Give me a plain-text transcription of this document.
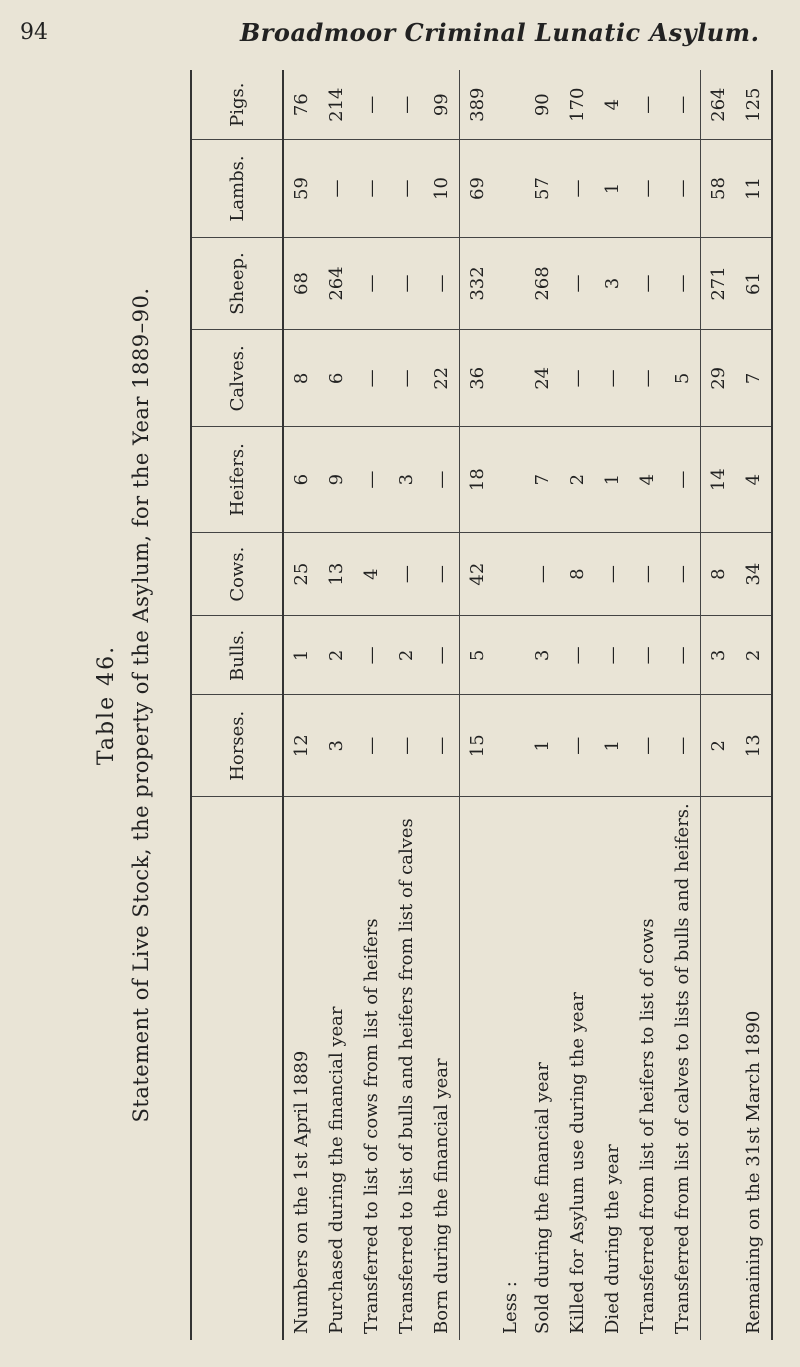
94	Broadmoor Criminal Lunatic Asylum.
Table 46. Statement of Live Stock, the property of the Asylum, for the Year 1889–90.
		Horses.	Bulls.	Cows.	Heifers.	Calves.	Sheep.	Lambs.	Pigs.
Numbers on the 1st April 1889	12	1	25	6	8	68	59	76
Purchased during the financial year	3	2	13	9	6	264	—	214
Transferred to list of cows from list of heifers	—	—	4	—	—	—	—	—
Transferred to list of bulls and heifers from list of calves	—	2	—	3	—	—	—	—
Born during the financial year	—	—	—	—	22	—	10	99
	15	5	42	18	36	332	69	389
Less :								
Sold during the financial year	1	3	—	7	24	268	57	90
Killed for Asylum use during the year	—	—	8	2	—	—	—	170
Died during the year	1	—	—	1	—	3	1	4
Transferred from list of heifers to list of cows	—	—	—	4	—	—	—	—
Transferred from list of calves to lists of bulls and heifers.	—	—	—	—	5	—	—	—
	2	3	8	14	29	271	58	264
Remaining on the 31st March 1890	13	2	34	4	7	61	11	125
